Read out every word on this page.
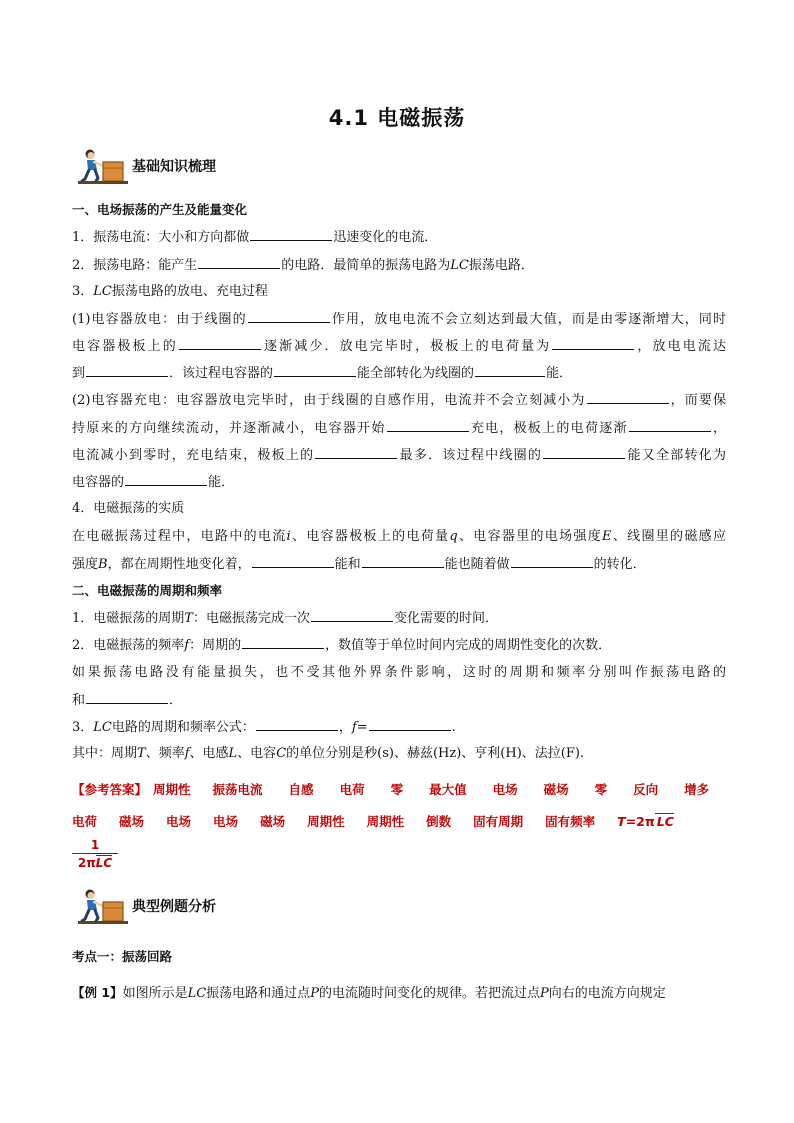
4.1 电磁振荡
基础知识梳理
一、电场振荡的产生及能量变化
1．振荡电流：大小和方向都做	迅速变化的电流．
2．振荡电路：能产生	的电路．最简单的振荡电路为LC振荡电路．
3．LC振荡电路的放电、充电过程
(1)电容器放电：由于线圈的	作用，放电电流不会立刻达到最大值，而是由零逐渐增大，同时
电容器极板上的	逐渐减少．放电完毕时，极板上的电荷量为	，放电电流达
到	．该过程电容器的	能全部转化为线圈的	能．
(2)电容器充电：电容器放电完毕时，由于线圈的自感作用，电流并不会立刻减小为	，而要保
持原来的方向继续流动，并逐渐减小，电容器开始	充电，极板上的电荷逐渐	，
电流减小到零时，充电结束，极板上的	最多．该过程中线圈的	能又全部转化为
电容器的	能．
4．电磁振荡的实质
在电磁振荡过程中，电路中的电流i、电容器极板上的电荷量q、电容器里的电场强度E、线圈里的磁感应
强度B，都在周期性地变化着，	能和	能也随着做	的转化．
二、电磁振荡的周期和频率
1．电磁振荡的周期T：电磁振荡完成一次	变化需要的时间．
2．电磁振荡的频率f：周期的	，数值等于单位时间内完成的周期性变化的次数．
如果振荡电路没有能量损失，也不受其他外界条件影响，这时的周期和频率分别叫作振荡电路的
和	．
3．LC电路的周期和频率公式：	，f=	.
其中：周期T、频率f、电感L、电容C的单位分别是秒(s)、赫兹(Hz)、亨利(H)、法拉(F).
【参考答案】 周期性 振荡电流 自感 电荷 零 最大值 电场 磁场 零 反向 增多
电荷 磁场 电场 电场 磁场 周期性 周期性 倒数 固有周期 固有频率 T=2π LC
1
2πLC
典型例题分析
考点一：振荡回路
【例 1】如图所示是LC振荡电路和通过点P的电流随时间变化的规律。若把流过点P向右的电流方向规定
